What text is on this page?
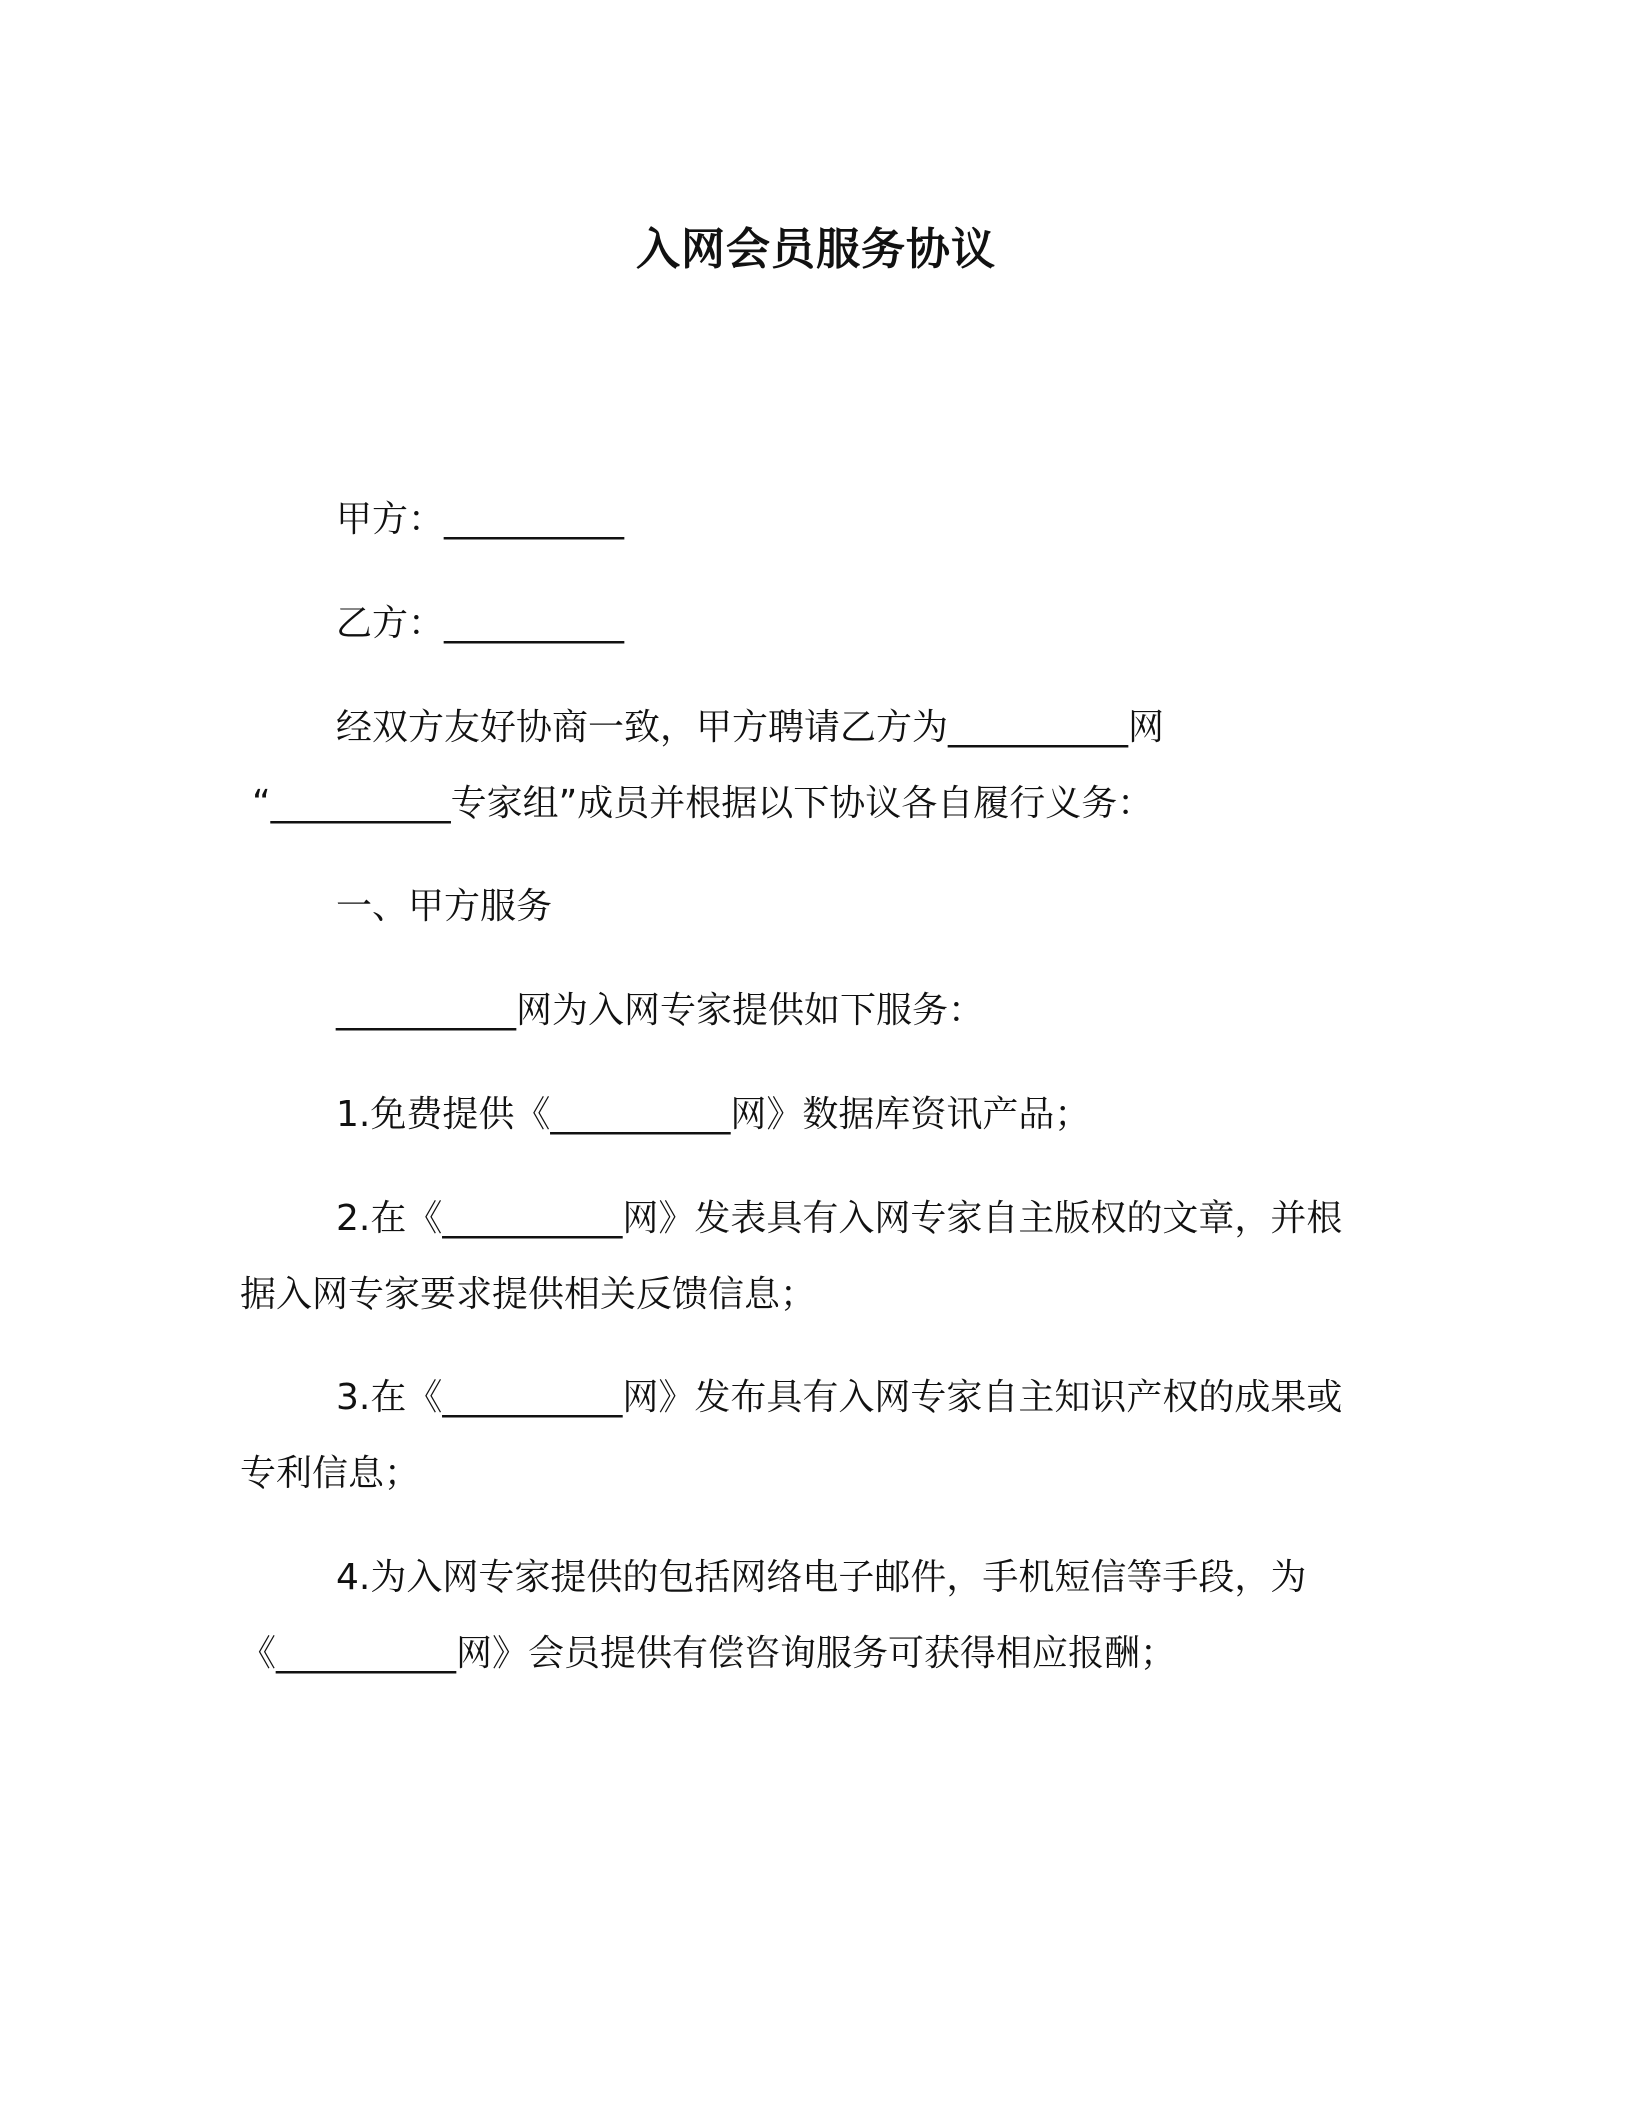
入网会员服务协议
甲方：__________
乙方：__________
经双方友好协商一致，甲方聘请乙方为__________网
“__________专家组”成员并根据以下协议各自履行义务：
一、甲方服务
__________网为入网专家提供如下服务：
1.免费提供《__________网》数据库资讯产品；
2.在《__________网》发表具有入网专家自主版权的文章，并根
据入网专家要求提供相关反馈信息；
3.在《__________网》发布具有入网专家自主知识产权的成果或
专利信息；
4.为入网专家提供的包括网络电子邮件，手机短信等手段，为
《__________网》会员提供有偿咨询服务可获得相应报酬；
